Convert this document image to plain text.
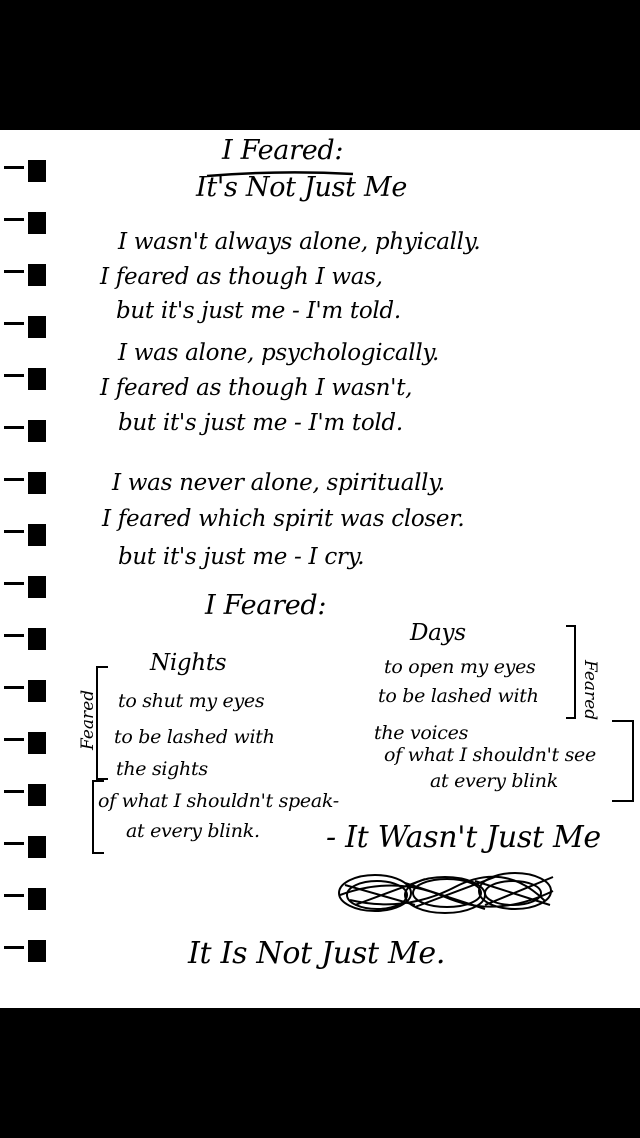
I Feared:
It's Not Just Me
I wasn't always alone, phyically.
I feared as though I was,
but it's just me - I'm told.
I was alone, psychologically.
I feared as though I wasn't,
but it's just me - I'm told.
I was never alone, spiritually.
I feared which spirit was closer.
but it's just me - I cry.
I Feared:
Days
to open my eyes
to be lashed with
the voices
of what I shouldn't see
at every blink
Feared
Nights
to shut my eyes
to be lashed with
the sights
of what I shouldn't speak-
at every blink.
Feared
- It Wasn't Just Me
It Is Not Just Me.
